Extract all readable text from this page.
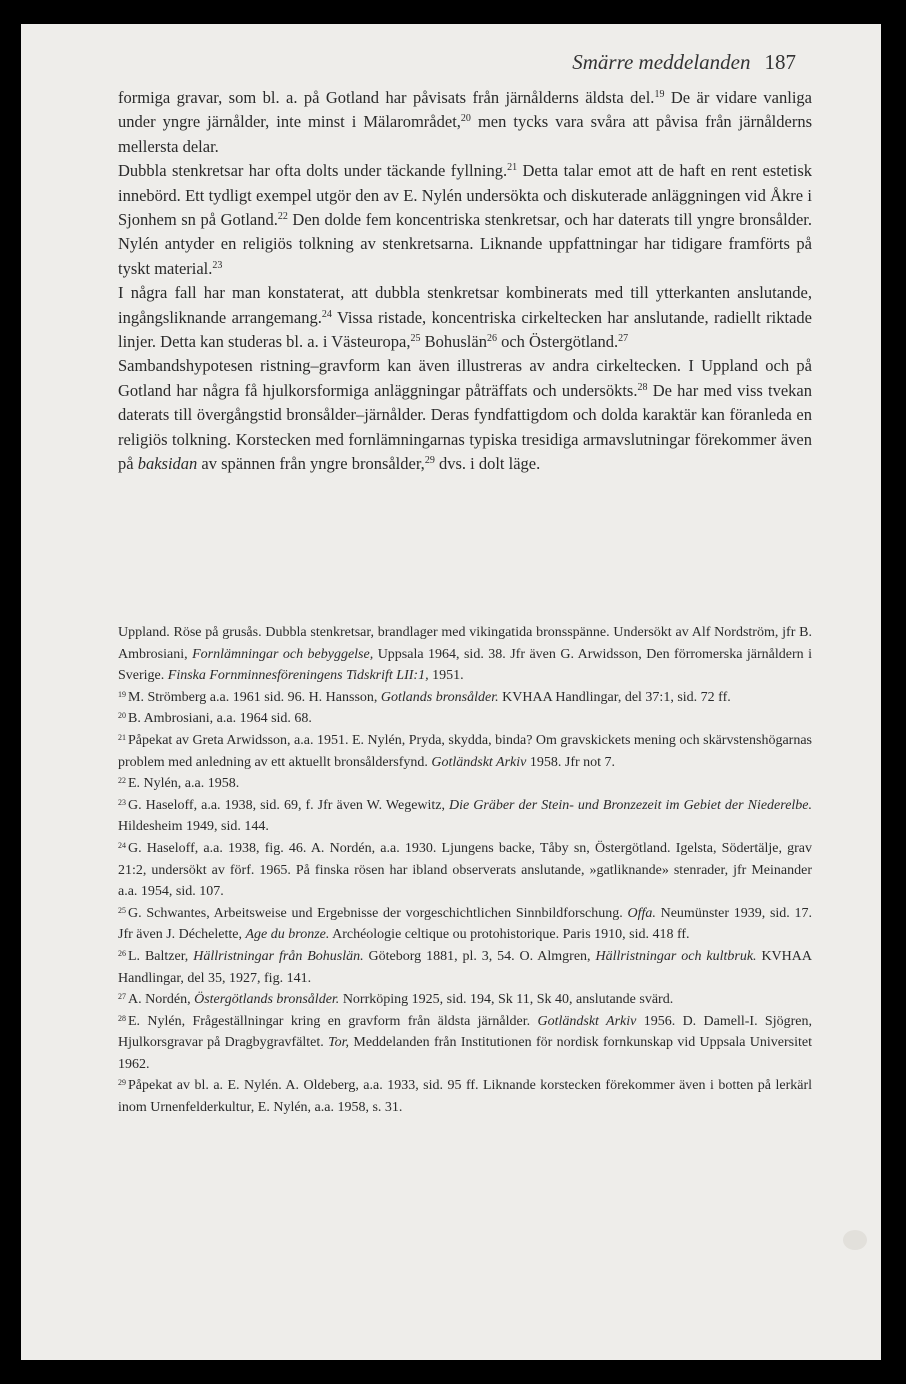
Smärre meddelanden 187

formiga gravar, som bl. a. på Gotland har påvisats från järnålderns äldsta del.$^{19}$ De är vidare vanliga under yngre järnålder, inte minst i Mälarområdet,$^{20}$ men tycks vara svåra att påvisa från järnålderns mellersta delar.

Dubbla stenkretsar har ofta dolts under täckande fyllning.$^{21}$ Detta talar emot att de haft en rent estetisk innebörd. Ett tydligt exempel utgör den av E. Nylén undersökta och diskuterade anläggningen vid Åkre i Sjonhem sn på Gotland.$^{22}$ Den dolde fem koncentriska stenkretsar, och har daterats till yngre bronsålder. Nylén antyder en religiös tolkning av stenkretsarna. Liknande uppfattningar har tidigare framförts på tyskt material.$^{23}$

I några fall har man konstaterat, att dubbla stenkretsar kombinerats med till ytterkanten anslutande, ingångsliknande arrangemang.$^{24}$ Vissa ristade, koncentriska cirkeltecken har anslutande, radiellt riktade linjer. Detta kan studeras bl. a. i Västeuropa,$^{25}$ Bohuslän$^{26}$ och Östergötland.$^{27}$

Sambandshypotesen ristning–gravform kan även illustreras av andra cirkeltecken. I Uppland och på Gotland har några få hjulkorsformiga anläggningar påträffats och undersökts.$^{28}$ De har med viss tvekan daterats till övergångstid bronsålder–järnålder. Deras fyndfattigdom och dolda karaktär kan föranleda en religiös tolkning. Korstecken med fornlämningarnas typiska tresidiga armavslutningar förekommer även på baksidan av spännen från yngre bronsålder,$^{29}$ dvs. i dolt läge.

Uppland. Röse på grusås. Dubbla stenkretsar, brandlager med vikingatida bronsspänne. Undersökt av Alf Nordström, jfr B. Ambrosiani, Fornlämningar och bebyggelse, Uppsala 1964, sid. 38. Jfr även G. Arwidsson, Den förromerska järnåldern i Sverige. Finska Fornminnesföreningens Tidskrift LII:1, 1951.

$^{19}$ M. Strömberg a.a. 1961 sid. 96. H. Hansson, Gotlands bronsålder. KVHAA Handlingar, del 37:1, sid. 72 ff.

$^{20}$ B. Ambrosiani, a.a. 1964 sid. 68.

$^{21}$ Påpekat av Greta Arwidsson, a.a. 1951. E. Nylén, Pryda, skydda, binda? Om gravskickets mening och skärvstenshögarnas problem med anledning av ett aktuellt bronsåldersfynd. Gotländskt Arkiv 1958. Jfr not 7.

$^{22}$ E. Nylén, a.a. 1958.

$^{23}$ G. Haseloff, a.a. 1938, sid. 69, f. Jfr även W. Wegewitz, Die Gräber der Stein- und Bronzezeit im Gebiet der Niederelbe. Hildesheim 1949, sid. 144.

$^{24}$ G. Haseloff, a.a. 1938, fig. 46. A. Nordén, a.a. 1930. Ljungens backe, Tåby sn, Östergötland. Igelsta, Södertälje, grav 21:2, undersökt av förf. 1965. På finska rösen har ibland observerats anslutande, »gatliknande» stenrader, jfr Meinander a.a. 1954, sid. 107.

$^{25}$ G. Schwantes, Arbeitsweise und Ergebnisse der vorgeschichtlichen Sinnbildforschung. Offa. Neumünster 1939, sid. 17. Jfr även J. Déchelette, Age du bronze. Archéologie celtique ou protohistorique. Paris 1910, sid. 418 ff.

$^{26}$ L. Baltzer, Hällristningar från Bohuslän. Göteborg 1881, pl. 3, 54. O. Almgren, Hällristningar och kultbruk. KVHAA Handlingar, del 35, 1927, fig. 141.

$^{27}$ A. Nordén, Östergötlands bronsålder. Norrköping 1925, sid. 194, Sk 11, Sk 40, anslutande svärd.

$^{28}$ E. Nylén, Frågeställningar kring en gravform från äldsta järnålder. Gotländskt Arkiv 1956. D. Damell-I. Sjögren, Hjulkorsgravar på Dragbygravfältet. Tor, Meddelanden från Institutionen för nordisk fornkunskap vid Uppsala Universitet 1962.

$^{29}$ Påpekat av bl. a. E. Nylén. A. Oldeberg, a.a. 1933, sid. 95 ff. Liknande korstecken förekommer även i botten på lerkärl inom Urnenfelderkultur, E. Nylén, a.a. 1958, s. 31.
